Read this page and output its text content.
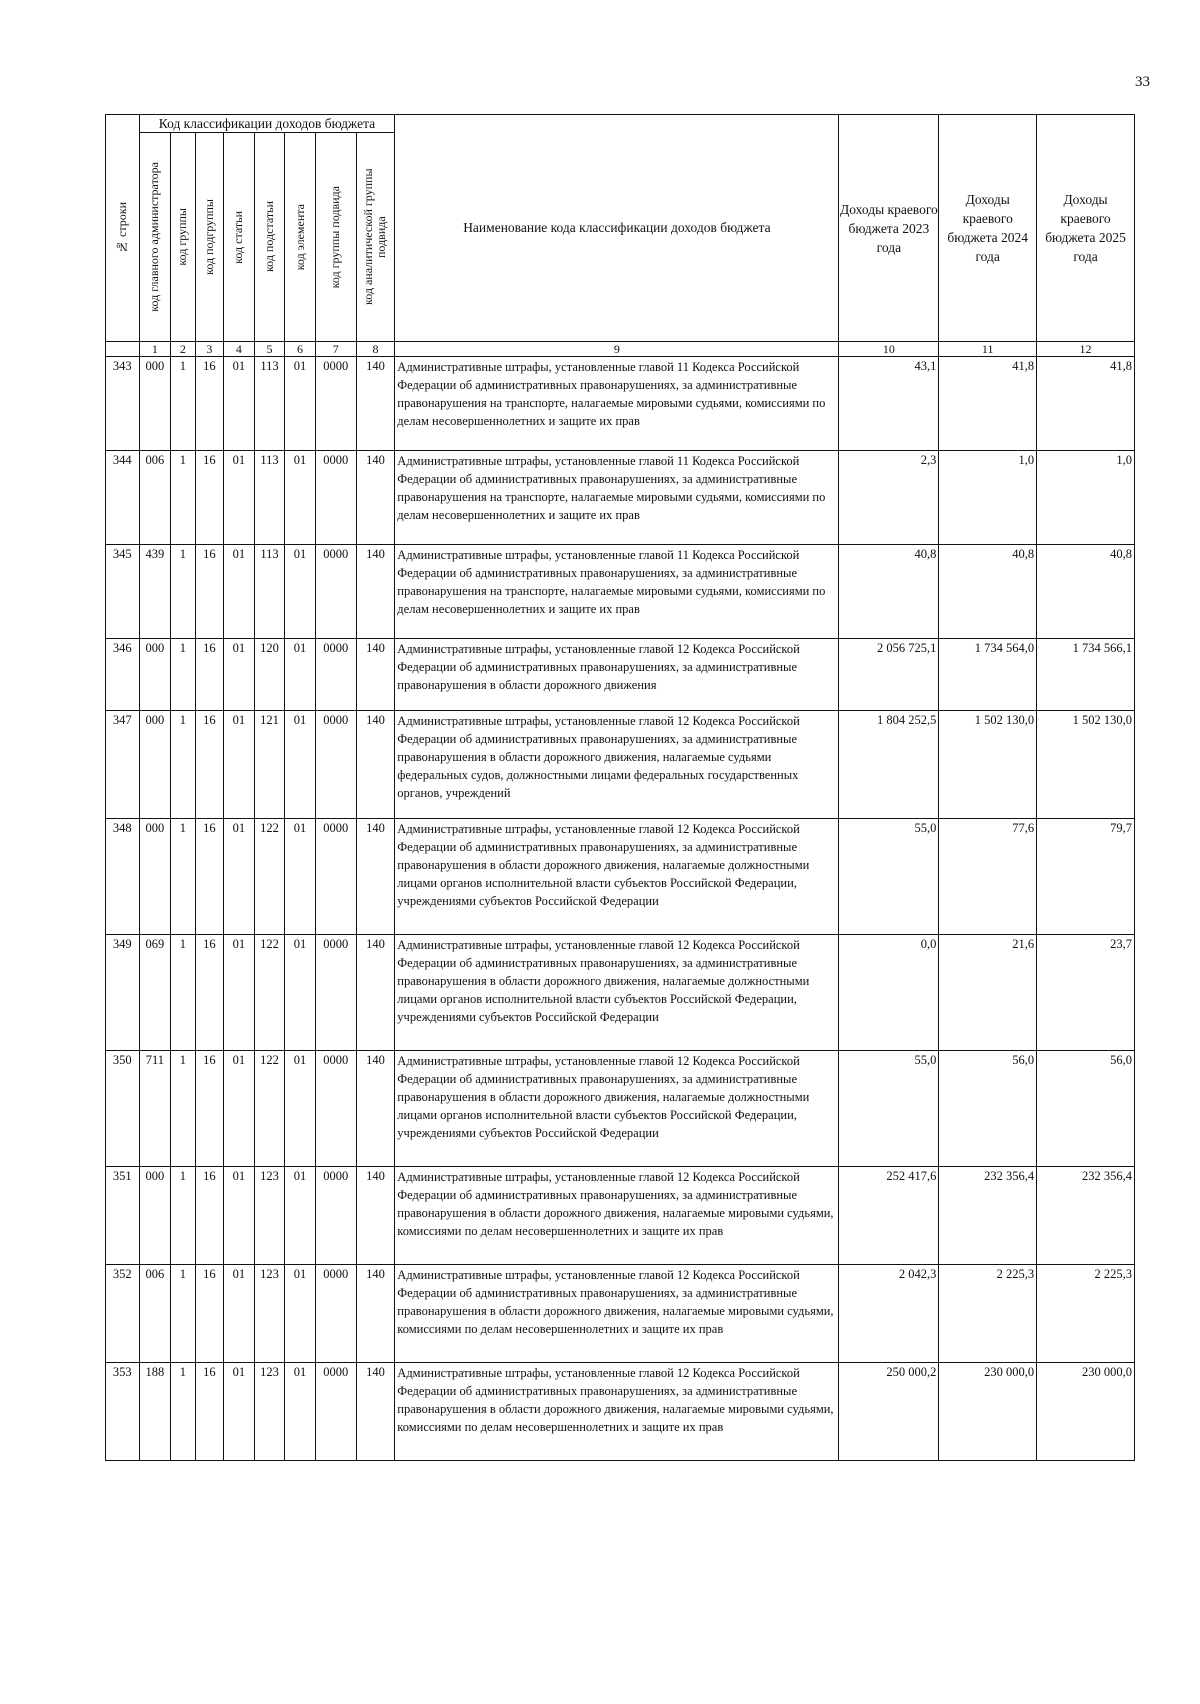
33
№ строки	Код классификации доходов бюджета								Наименование кода классификации доходов бюджета	Доходы краевого бюджета 2023 года	Доходы краевого бюджета 2024 года	Доходы краевого бюджета 2025 года

	код главного администратора	код группы	код подгруппы	код статьи	код подстатьи	код элемента	код группы подвида	код аналитической группы подвида				

	1	2	3	4	5	6	7	8	9	10	11	12
343	000	1	16	01	113	01	0000	140	Административные штрафы, установленные главой 11 Кодекса Российской Федерации об административных правонарушениях, за административные правонарушения на транспорте, налагаемые мировыми судьями, комиссиями по делам несовершеннолетних и защите их прав	43,1	41,8	41,8
344	006	1	16	01	113	01	0000	140	Административные штрафы, установленные главой 11 Кодекса Российской Федерации об административных правонарушениях, за административные правонарушения на транспорте, налагаемые мировыми судьями, комиссиями по делам несовершеннолетних и защите их прав	2,3	1,0	1,0
345	439	1	16	01	113	01	0000	140	Административные штрафы, установленные главой 11 Кодекса Российской Федерации об административных правонарушениях, за административные правонарушения на транспорте, налагаемые мировыми судьями, комиссиями по делам несовершеннолетних и защите их прав	40,8	40,8	40,8
346	000	1	16	01	120	01	0000	140	Административные штрафы, установленные главой 12 Кодекса Российской Федерации об административных правонарушениях, за административные правонарушения в области дорожного движения	2 056 725,1	1 734 564,0	1 734 566,1
347	000	1	16	01	121	01	0000	140	Административные штрафы, установленные главой 12 Кодекса Российской Федерации об административных правонарушениях, за административные правонарушения в области дорожного движения, налагаемые судьями федеральных судов, должностными лицами федеральных государственных органов, учреждений	1 804 252,5	1 502 130,0	1 502 130,0
348	000	1	16	01	122	01	0000	140	Административные штрафы, установленные главой 12 Кодекса Российской Федерации об административных правонарушениях, за административные правонарушения в области дорожного движения, налагаемые должностными лицами органов исполнительной власти субъектов Российской Федерации, учреждениями субъектов Российской Федерации	55,0	77,6	79,7
349	069	1	16	01	122	01	0000	140	Административные штрафы, установленные главой 12 Кодекса Российской Федерации об административных правонарушениях, за административные правонарушения в области дорожного движения, налагаемые должностными лицами органов исполнительной власти субъектов Российской Федерации, учреждениями субъектов Российской Федерации	0,0	21,6	23,7
350	711	1	16	01	122	01	0000	140	Административные штрафы, установленные главой 12 Кодекса Российской Федерации об административных правонарушениях, за административные правонарушения в области дорожного движения, налагаемые должностными лицами органов исполнительной власти субъектов Российской Федерации, учреждениями субъектов Российской Федерации	55,0	56,0	56,0
351	000	1	16	01	123	01	0000	140	Административные штрафы, установленные главой 12 Кодекса Российской Федерации об административных правонарушениях, за административные правонарушения в области дорожного движения, налагаемые мировыми судьями, комиссиями по делам несовершеннолетних и защите их прав	252 417,6	232 356,4	232 356,4
352	006	1	16	01	123	01	0000	140	Административные штрафы, установленные главой 12 Кодекса Российской Федерации об административных правонарушениях, за административные правонарушения в области дорожного движения, налагаемые мировыми судьями, комиссиями по делам несовершеннолетних и защите их прав	2 042,3	2 225,3	2 225,3
353	188	1	16	01	123	01	0000	140	Административные штрафы, установленные главой 12 Кодекса Российской Федерации об административных правонарушениях, за административные правонарушения в области дорожного движения, налагаемые мировыми судьями, комиссиями по делам несовершеннолетних и защите их прав	250 000,2	230 000,0	230 000,0
